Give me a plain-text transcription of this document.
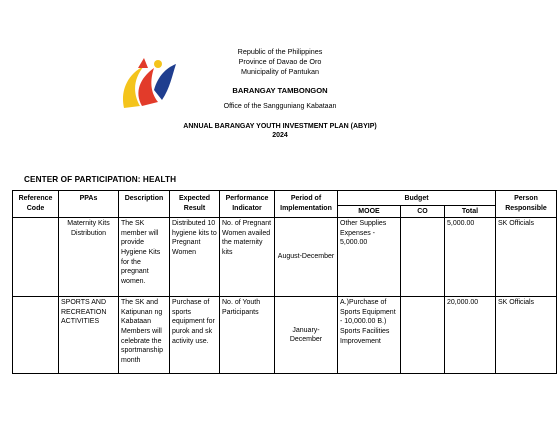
Republic of the Philippines
Province of Davao de Oro
Municipality of Pantukan
BARANGAY TAMBONGON
Office of the Sangguniang Kabataan
ANNUAL BARANGAY YOUTH INVESTMENT PLAN (ABYIP)
2024
CENTER OF PARTICIPATION: HEALTH
Reference Code	PPAs	Description	Expected Result	Performance Indicator	Period of Implementation	Budget			Person Responsible
						MOOE	CO	Total	
	Maternity Kits Distribution	The SK member will provide Hygiene Kits for the pregnant women.	Distributed 10 hygiene kits to Pregnant Women	No. of Pregnant Women availed the maternity kits	August-December	Other Supplies Expenses - 5,000.00		5,000.00	SK Officials

	SPORTS AND RECREATION ACTIVITIES	The SK and Katipunan ng Kabataan Members will celebrate the sportmanship month	Purchase of sports equipment for purok and sk activity use.	No. of Youth Participants	January-December	A.)Purchase of Sports Equipment - 10,000.00 B.) Sports Facilities Improvement		20,000.00	SK Officials
